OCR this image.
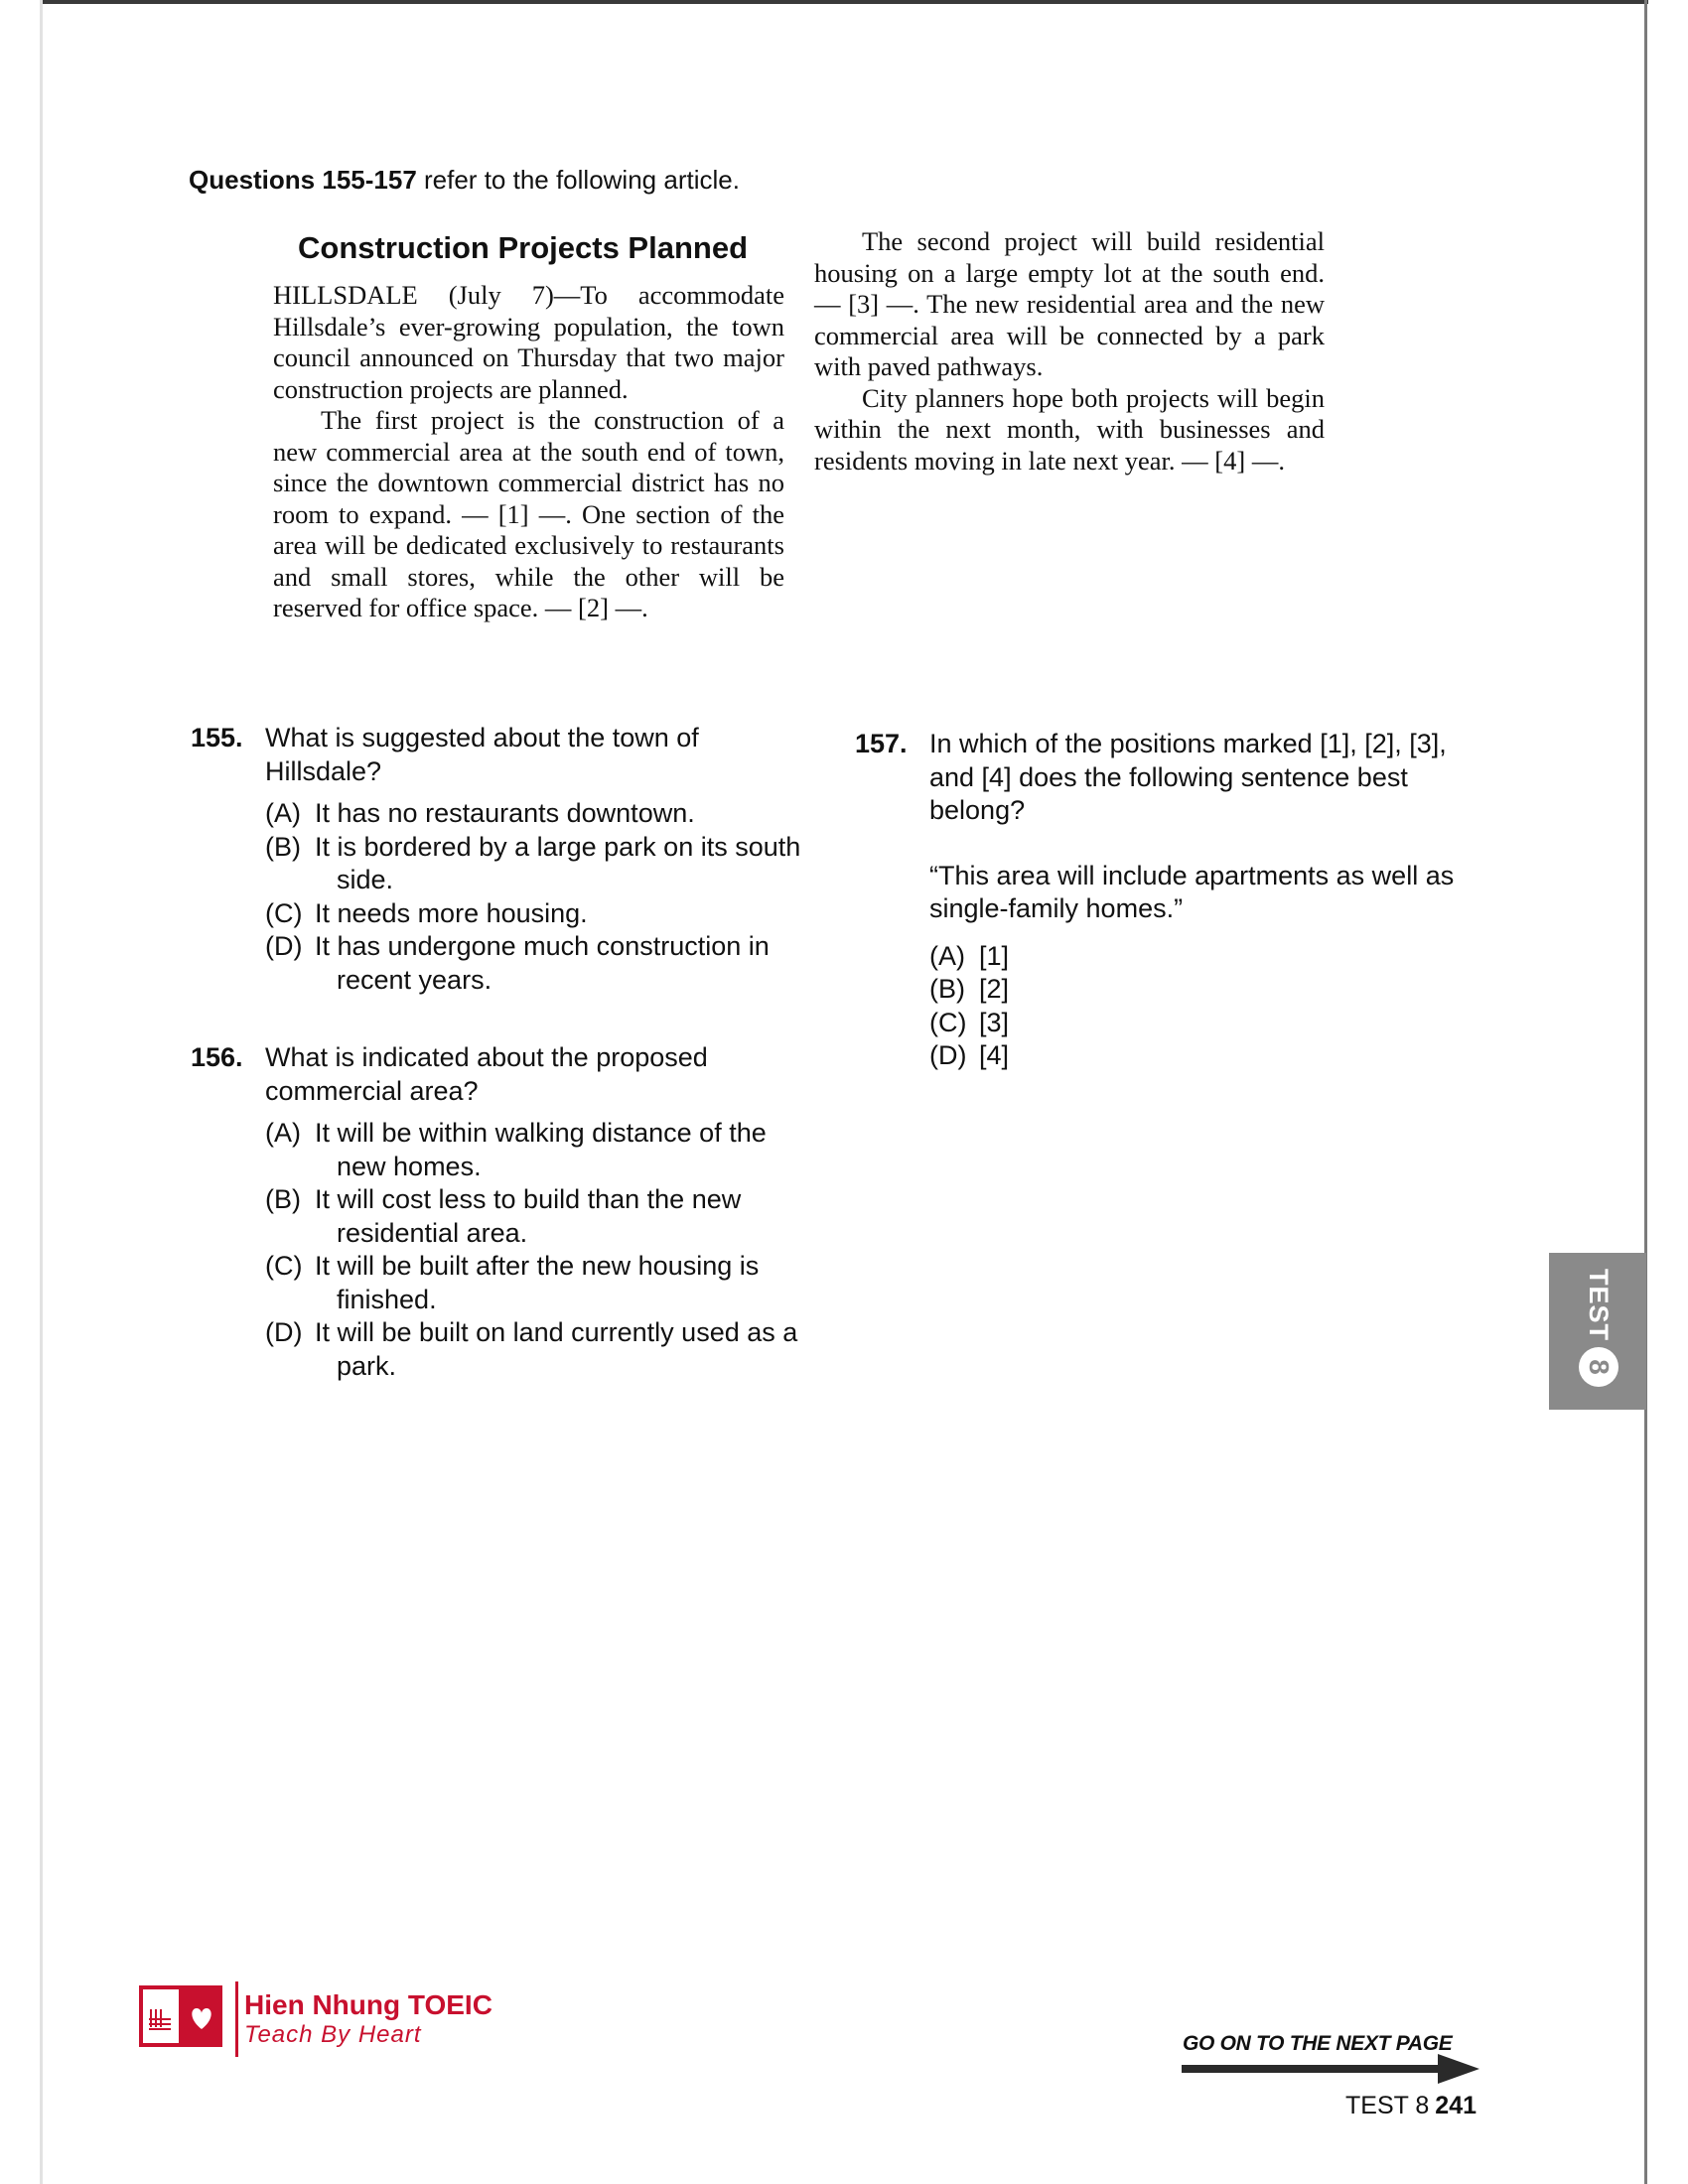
Questions 155-157 refer to the following article.
Construction Projects Planned

HILLSDALE (July 7)—To accommodate Hillsdale’s ever-growing population, the town council announced on Thursday that two major construction projects are planned.

The first project is the construction of a new commercial area at the south end of town, since the downtown commercial district has no room to expand. — [1] —. One section of the area will be dedicated exclusively to restaurants and small stores, while the other will be reserved for office space. — [2] —.

The second project will build residential housing on a large empty lot at the south end. — [3] —. The new residential area and the new commercial area will be connected by a park with paved pathways.

City planners hope both projects will begin within the next month, with businesses and residents moving in late next year. — [4] —.

155. What is suggested about the town of Hillsdale?
(A) It has no restaurants downtown.
(B) It is bordered by a large park on its south side.
(C) It needs more housing.
(D) It has undergone much construction in recent years.
156. What is indicated about the proposed commercial area?
(A) It will be within walking distance of the new homes.
(B) It will cost less to build than the new residential area.
(C) It will be built after the new housing is finished.
(D) It will be built on land currently used as a park.
157. In which of the positions marked [1], [2], [3], and [4] does the following sentence best belong?
“This area will include apartments as well as single-family homes.”
(A) [1]
(B) [2]
(C) [3]
(D) [4]
TEST
8
Hien Nhung TOEIC
Teach By Heart	GO ON TO THE NEXT PAGE
TEST 8 241
